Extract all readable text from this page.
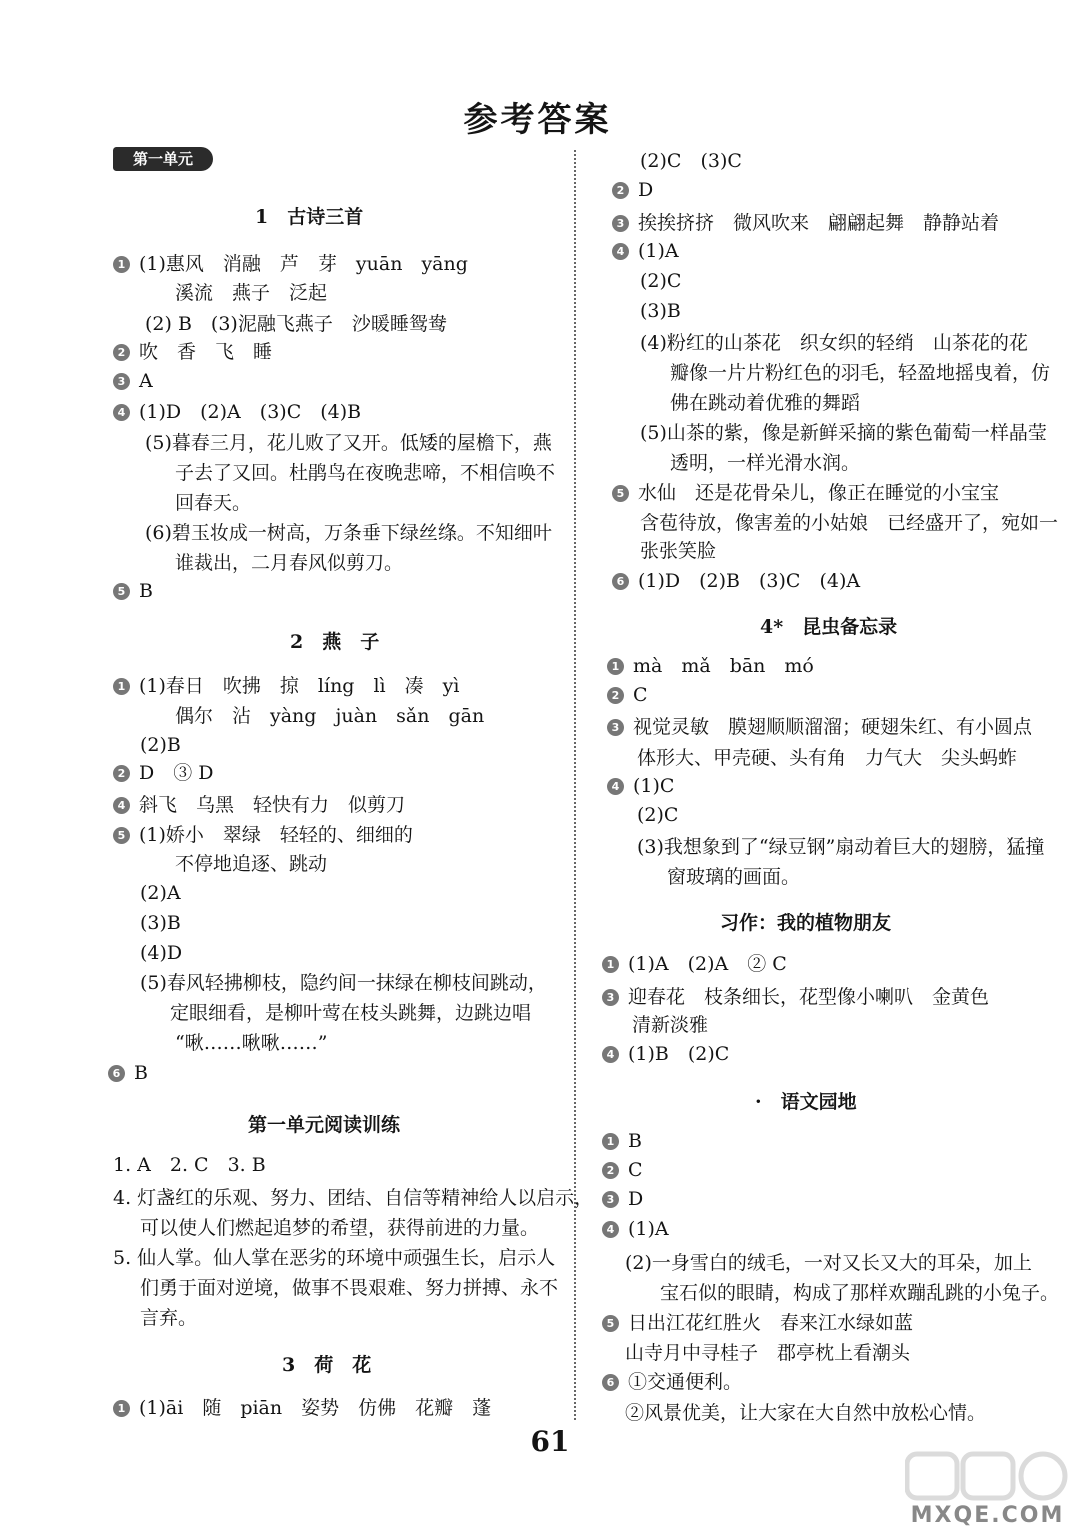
参考答案
第一单元
1　古诗三首
1 (1)惠风　消融　芦　芽　yuān　yāng
溪流　燕子　泛起
(2) B　(3)泥融飞燕子　沙暖睡鸳鸯
2 吹　香　飞　睡
3 A
4 (1)D　(2)A　(3)C　(4)B
(5)暮春三月，花儿败了又开。低矮的屋檐下，燕
子去了又回。杜鹃鸟在夜晚悲啼，不相信唤不
回春天。
(6)碧玉妆成一树高，万条垂下绿丝绦。不知细叶
谁裁出，二月春风似剪刀。
5 B
2　燕　子
1 (1)春日　吹拂　掠　líng　lì　凑　yì
偶尔　沾　yàng　juàn　sǎn　gān
(2)B
2 D　③ D
4 斜飞　乌黑　轻快有力　似剪刀
5 (1)娇小　翠绿　轻轻的、细细的
不停地追逐、跳动
(2)A
(3)B
(4)D
(5)春风轻拂柳枝，隐约间一抹绿在柳枝间跳动，
定眼细看，是柳叶莺在枝头跳舞，边跳边唱
“啾……啾啾……”
6 B
第一单元阅读训练
1. A　2. C　3. B
4. 灯盏红的乐观、努力、团结、自信等精神给人以启示，
可以使人们燃起追梦的希望，获得前进的力量。
5. 仙人掌。仙人掌在恶劣的环境中顽强生长，启示人
们勇于面对逆境，做事不畏艰难、努力拼搏、永不
言弃。
3　荷　花
1 (1)āi　随　piān　姿势　仿佛　花瓣　蓬
(2)C　(3)C
2 D
3 挨挨挤挤　微风吹来　翩翩起舞　静静站着
4 (1)A
(2)C
(3)B
(4)粉红的山茶花　织女织的轻绡　山茶花的花
瓣像一片片粉红色的羽毛，轻盈地摇曳着，仿
佛在跳动着优雅的舞蹈
(5)山茶的紫，像是新鲜采摘的紫色葡萄一样晶莹
透明，一样光滑水润。
5 水仙　还是花骨朵儿，像正在睡觉的小宝宝
含苞待放，像害羞的小姑娘　已经盛开了，宛如一
张张笑脸
6 (1)D　(2)B　(3)C　(4)A
4*　昆虫备忘录
1 mà　mǎ　bān　mó
2 C
3 视觉灵敏　膜翅顺顺溜溜；硬翅朱红、有小圆点
体形大、甲壳硬、头有角　力气大　尖头蚂蚱
4 (1)C
(2)C
(3)我想象到了“绿豆钢”扇动着巨大的翅膀，猛撞
窗玻璃的画面。
习作：我的植物朋友
1 (1)A　(2)A　② C
3 迎春花　枝条细长，花型像小喇叭　金黄色
清新淡雅
4 (1)B　(2)C
·　语文园地
1 B
2 C
3 D
4 (1)A
(2)一身雪白的绒毛，一对又长又大的耳朵，加上
宝石似的眼睛，构成了那样欢蹦乱跳的小兔子。
5 日出江花红胜火　春来江水绿如蓝
山寺月中寻桂子　郡亭枕上看潮头
6 ①交通便利。
②风景优美，让大家在大自然中放松心情。
61
MXQE.COM
